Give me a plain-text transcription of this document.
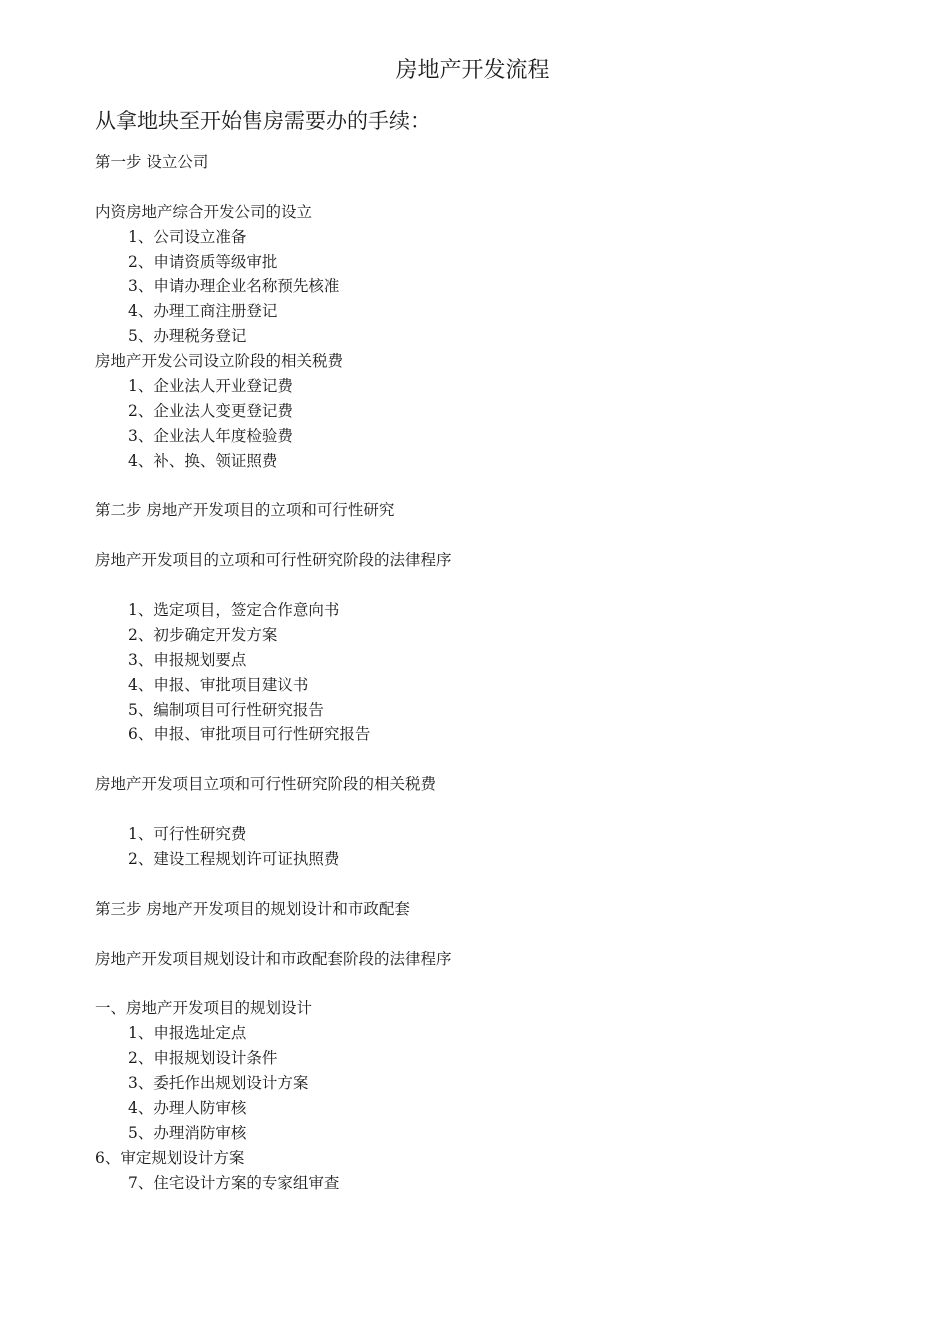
房地产开发流程
从拿地块至开始售房需要办的手续：
第一步 设立公司
内资房地产综合开发公司的设立
1、公司设立准备
2、申请资质等级审批
3、申请办理企业名称预先核准
4、办理工商注册登记
5、办理税务登记
房地产开发公司设立阶段的相关税费
1、企业法人开业登记费
2、企业法人变更登记费
3、企业法人年度检验费
4、补、换、领证照费
第二步 房地产开发项目的立项和可行性研究
房地产开发项目的立项和可行性研究阶段的法律程序
1、选定项目，签定合作意向书
2、初步确定开发方案
3、申报规划要点
4、申报、审批项目建议书
5、编制项目可行性研究报告
6、申报、审批项目可行性研究报告
房地产开发项目立项和可行性研究阶段的相关税费
1、可行性研究费
2、建设工程规划许可证执照费
第三步 房地产开发项目的规划设计和市政配套
房地产开发项目规划设计和市政配套阶段的法律程序
一、房地产开发项目的规划设计
1、申报选址定点
2、申报规划设计条件
3、委托作出规划设计方案
4、办理人防审核
5、办理消防审核
6、审定规划设计方案
7、住宅设计方案的专家组审查
